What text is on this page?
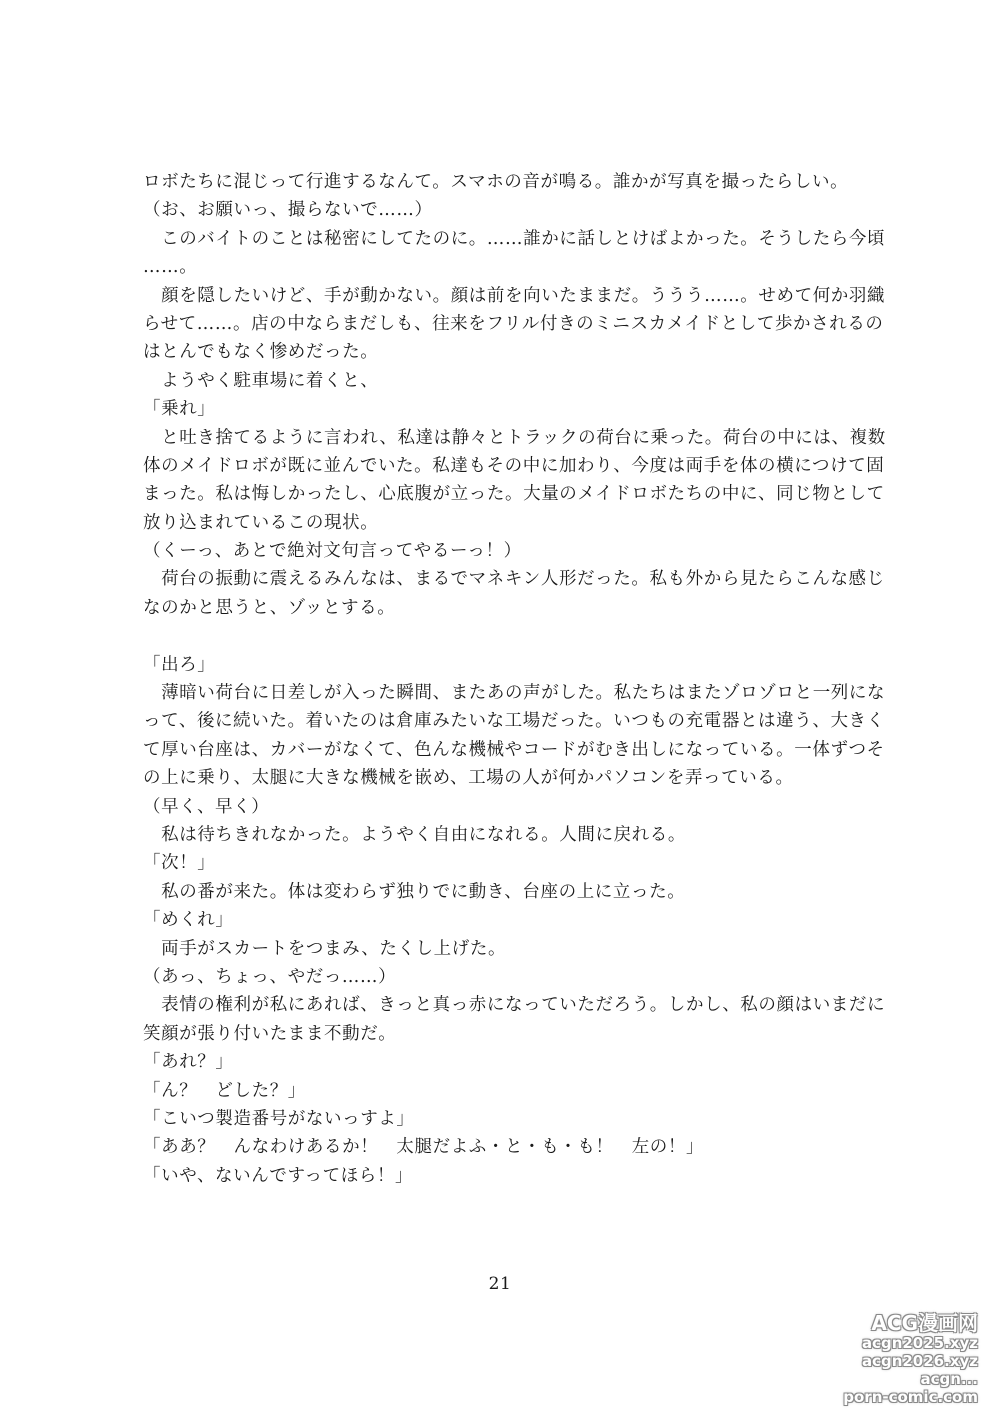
ロボたちに混じって行進するなんて。スマホの音が鳴る。誰かが写真を撮ったらしい。
（お、お願いっ、撮らないで……）
　このバイトのことは秘密にしてたのに。……誰かに話しとけばよかった。そうしたら今頃
……。
　顔を隠したいけど、手が動かない。顔は前を向いたままだ。ううう……。せめて何か羽織
らせて……。店の中ならまだしも、往来をフリル付きのミニスカメイドとして歩かされるの
はとんでもなく惨めだった。
　ようやく駐車場に着くと、
「乗れ」
　と吐き捨てるように言われ、私達は静々とトラックの荷台に乗った。荷台の中には、複数
体のメイドロボが既に並んでいた。私達もその中に加わり、今度は両手を体の横につけて固
まった。私は悔しかったし、心底腹が立った。大量のメイドロボたちの中に、同じ物として
放り込まれているこの現状。
（くーっ、あとで絶対文句言ってやるーっ！）
　荷台の振動に震えるみんなは、まるでマネキン人形だった。私も外から見たらこんな感じ
なのかと思うと、ゾッとする。
「出ろ」
　薄暗い荷台に日差しが入った瞬間、またあの声がした。私たちはまたゾロゾロと一列にな
って、後に続いた。着いたのは倉庫みたいな工場だった。いつもの充電器とは違う、大きく
て厚い台座は、カバーがなくて、色んな機械やコードがむき出しになっている。一体ずつそ
の上に乗り、太腿に大きな機械を嵌め、工場の人が何かパソコンを弄っている。
（早く、早く）
　私は待ちきれなかった。ようやく自由になれる。人間に戻れる。
「次！」
　私の番が来た。体は変わらず独りでに動き、台座の上に立った。
「めくれ」
　両手がスカートをつまみ、たくし上げた。
（あっ、ちょっ、やだっ……）
　表情の権利が私にあれば、きっと真っ赤になっていただろう。しかし、私の顔はいまだに
笑顔が張り付いたまま不動だ。
「あれ？」
「ん？　どした？」
「こいつ製造番号がないっすよ」
「ああ？　んなわけあるか！　太腿だよふ・と・も・も！　左の！」
「いや、ないんですってほら！」
21
ACG漫画网
acgn2025.xyz
acgn2026.xyz
acgn...
porn-comic.com
